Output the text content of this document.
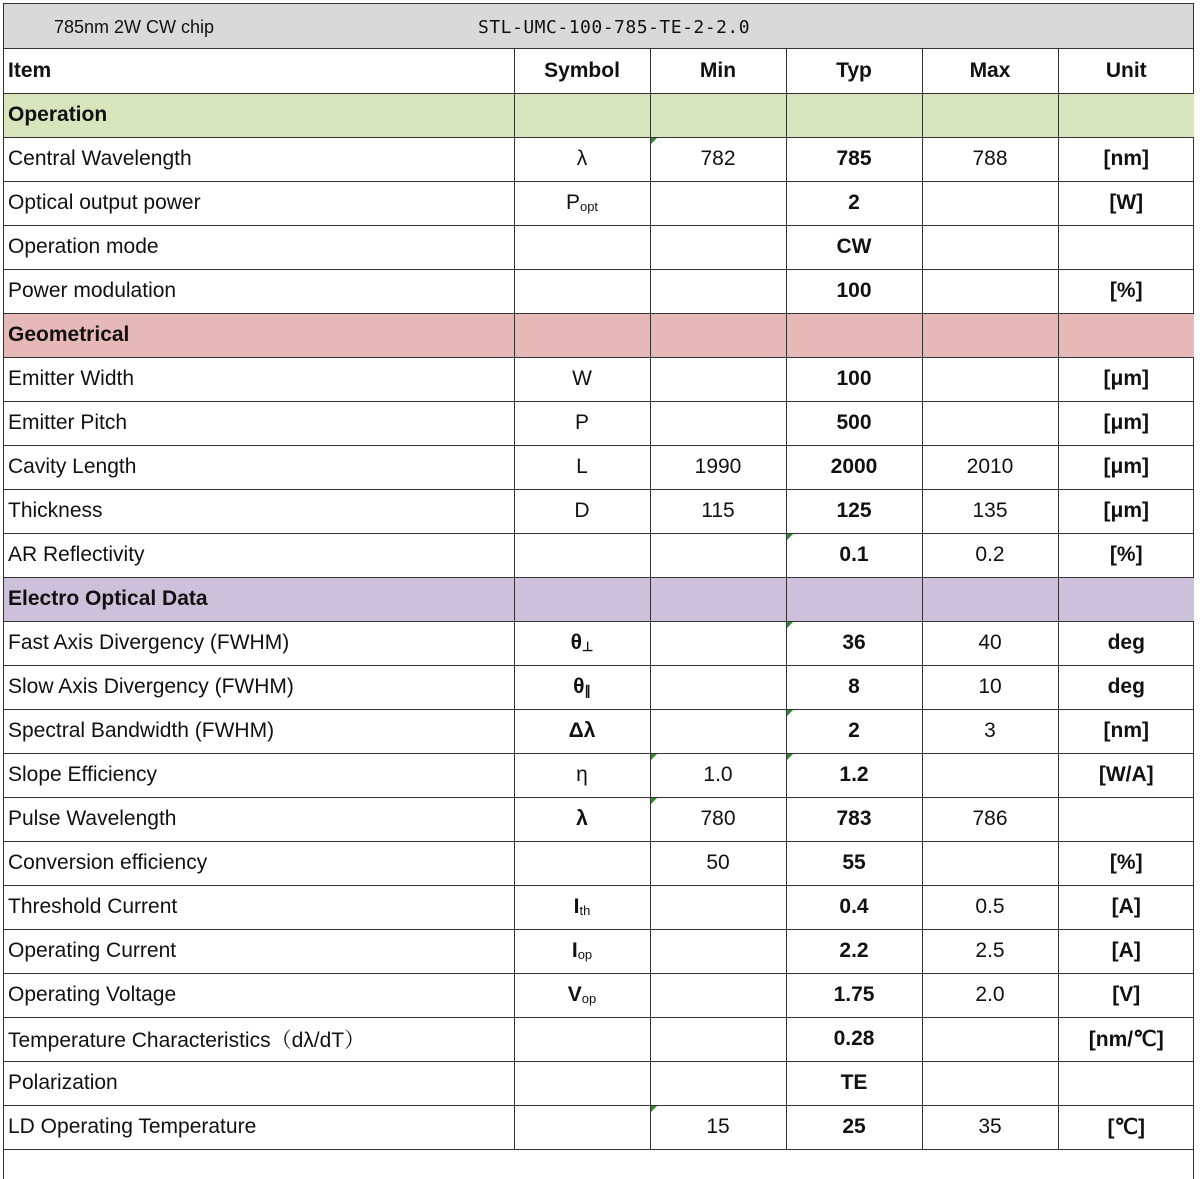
785nm 2W CW chip	STL-UMC-100-785-TE-2-2.0
Item	Symbol	Min	Typ	Max	Unit
Operation					
Central Wavelength	λ	782	785	788	[nm]
Optical output power	$P_{opt}$		2		[W]
Operation mode			CW		
Power modulation			100		[%]
Geometrical					
Emitter Width	W		100		[μm]
Emitter Pitch	P		500		[μm]
Cavity Length	L	1990	2000	2010	[μm]
Thickness	D	115	125	135	[μm]
AR Reflectivity			0.1	0.2	[%]
Electro Optical Data					
Fast Axis Divergency (FWHM)	$\theta_\perp$		36	40	deg
Slow Axis Divergency (FWHM)	$\theta_\parallel$		8	10	deg
Spectral Bandwidth (FWHM)	Δλ		2	3	[nm]
Slope Efficiency	η	1.0	1.2		[W/A]
Pulse Wavelength	λ	780	783	786	
Conversion efficiency		50	55		[%]
Threshold Current	$I_{th}$		0.4	0.5	[A]
Operating Current	$I_{op}$		2.2	2.5	[A]
Operating Voltage	$V_{op}$		1.75	2.0	[V]
Temperature Characteristics（dλ/dT）			0.28		[nm/℃]
Polarization			TE		
LD Operating Temperature		15	25	35	[℃]
